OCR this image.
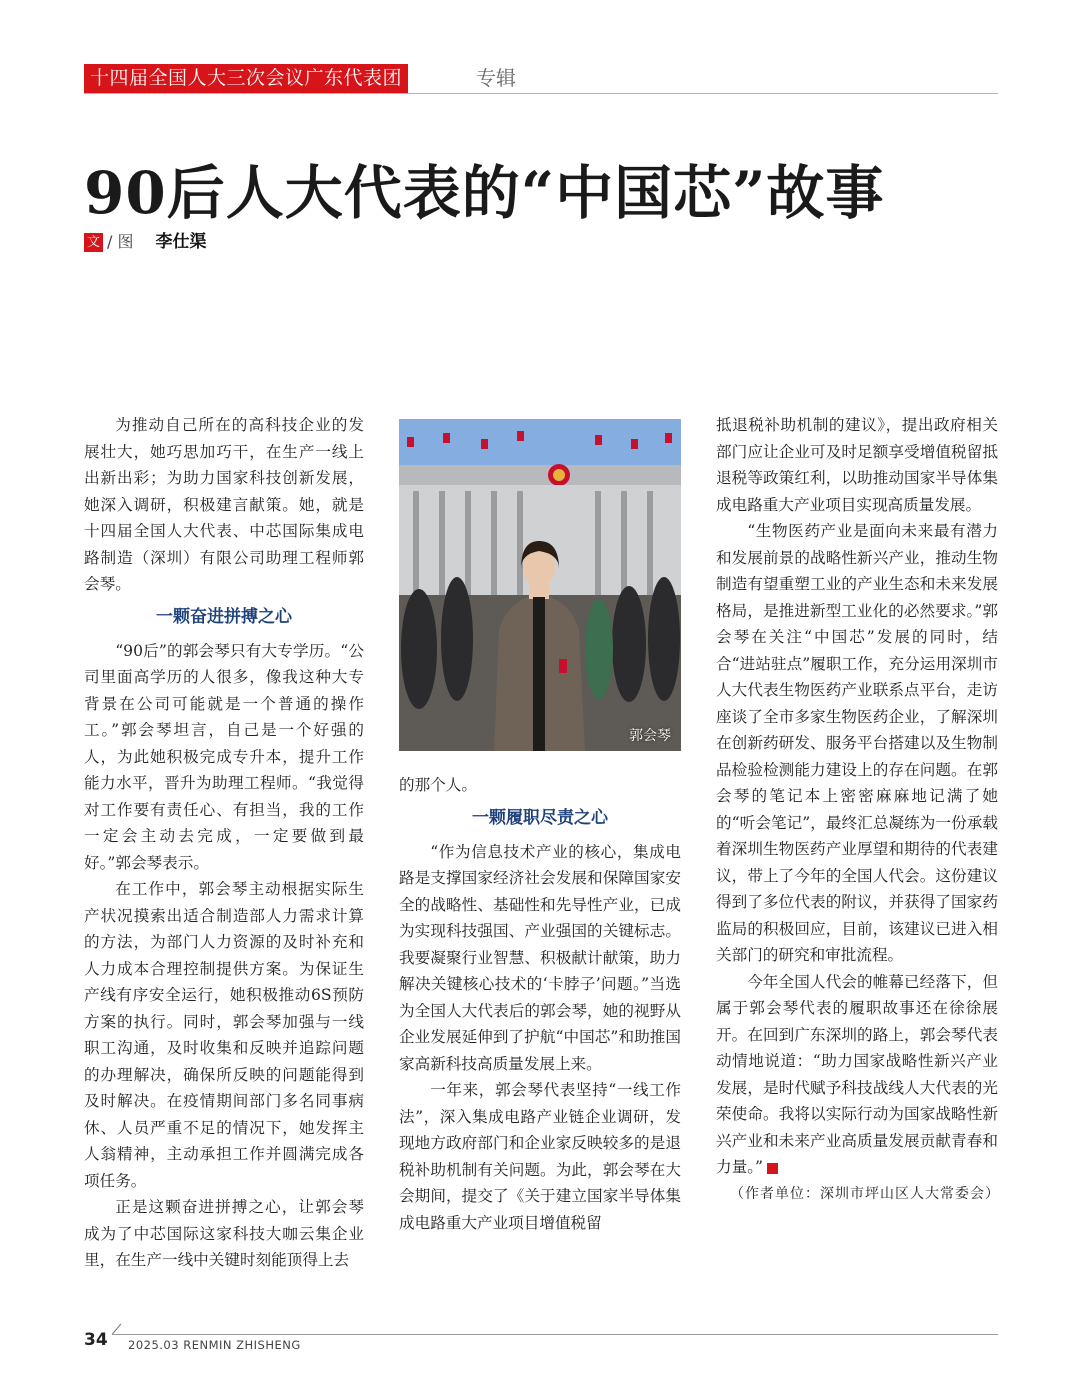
十四届全国人大三次会议广东代表团	专辑
90后人大代表的“中国芯”故事
文 / 图 李仕渠

为推动自己所在的高科技企业的发展壮大，她巧思加巧干，在生产一线上出新出彩；为助力国家科技创新发展，她深入调研，积极建言献策。她，就是十四届全国人大代表、中芯国际集成电路制造（深圳）有限公司助理工程师郭会琴。

一颗奋进拼搏之心

“90后”的郭会琴只有大专学历。“公司里面高学历的人很多，像我这种大专背景在公司可能就是一个普通的操作工。”郭会琴坦言，自己是一个好强的人，为此她积极完成专升本，提升工作能力水平，晋升为助理工程师。“我觉得对工作要有责任心、有担当，我的工作一定会主动去完成，一定要做到最好。”郭会琴表示。

在工作中，郭会琴主动根据实际生产状况摸索出适合制造部人力需求计算的方法，为部门人力资源的及时补充和人力成本合理控制提供方案。为保证生产线有序安全运行，她积极推动6S预防方案的执行。同时，郭会琴加强与一线职工沟通，及时收集和反映并追踪问题的办理解决，确保所反映的问题能得到及时解决。在疫情期间部门多名同事病休、人员严重不足的情况下，她发挥主人翁精神，主动承担工作并圆满完成各项任务。

正是这颗奋进拼搏之心，让郭会琴成为了中芯国际这家科技大咖云集企业里，在生产一线中关键时刻能顶得上去

郭会琴

的那个人。

一颗履职尽责之心

“作为信息技术产业的核心，集成电路是支撑国家经济社会发展和保障国家安全的战略性、基础性和先导性产业，已成为实现科技强国、产业强国的关键标志。我要凝聚行业智慧、积极献计献策，助力解决关键核心技术的‘卡脖子’问题。”当选为全国人大代表后的郭会琴，她的视野从企业发展延伸到了护航“中国芯”和助推国家高新科技高质量发展上来。

一年来，郭会琴代表坚持“一线工作法”，深入集成电路产业链企业调研，发现地方政府部门和企业家反映较多的是退税补助机制有关问题。为此，郭会琴在大会期间，提交了《关于建立国家半导体集成电路重大产业项目增值税留

抵退税补助机制的建议》，提出政府相关部门应让企业可及时足额享受增值税留抵退税等政策红利，以助推动国家半导体集成电路重大产业项目实现高质量发展。

“生物医药产业是面向未来最有潜力和发展前景的战略性新兴产业，推动生物制造有望重塑工业的产业生态和未来发展格局，是推进新型工业化的必然要求。”郭会琴在关注“中国芯”发展的同时，结合“进站驻点”履职工作，充分运用深圳市人大代表生物医药产业联系点平台，走访座谈了全市多家生物医药企业，了解深圳在创新药研发、服务平台搭建以及生物制品检验检测能力建设上的存在问题。在郭会琴的笔记本上密密麻麻地记满了她的“听会笔记”，最终汇总凝练为一份承载着深圳生物医药产业厚望和期待的代表建议，带上了今年的全国人代会。这份建议得到了多位代表的附议，并获得了国家药监局的积极回应，目前，该建议已进入相关部门的研究和审批流程。

今年全国人代会的帷幕已经落下，但属于郭会琴代表的履职故事还在徐徐展开。在回到广东深圳的路上，郭会琴代表动情地说道：“助力国家战略性新兴产业发展，是时代赋予科技战线人大代表的光荣使命。我将以实际行动为国家战略性新兴产业和未来产业高质量发展贡献青春和力量。”

（作者单位：深圳市坪山区人大常委会）

34 2025.03 RENMIN ZHISHENG
